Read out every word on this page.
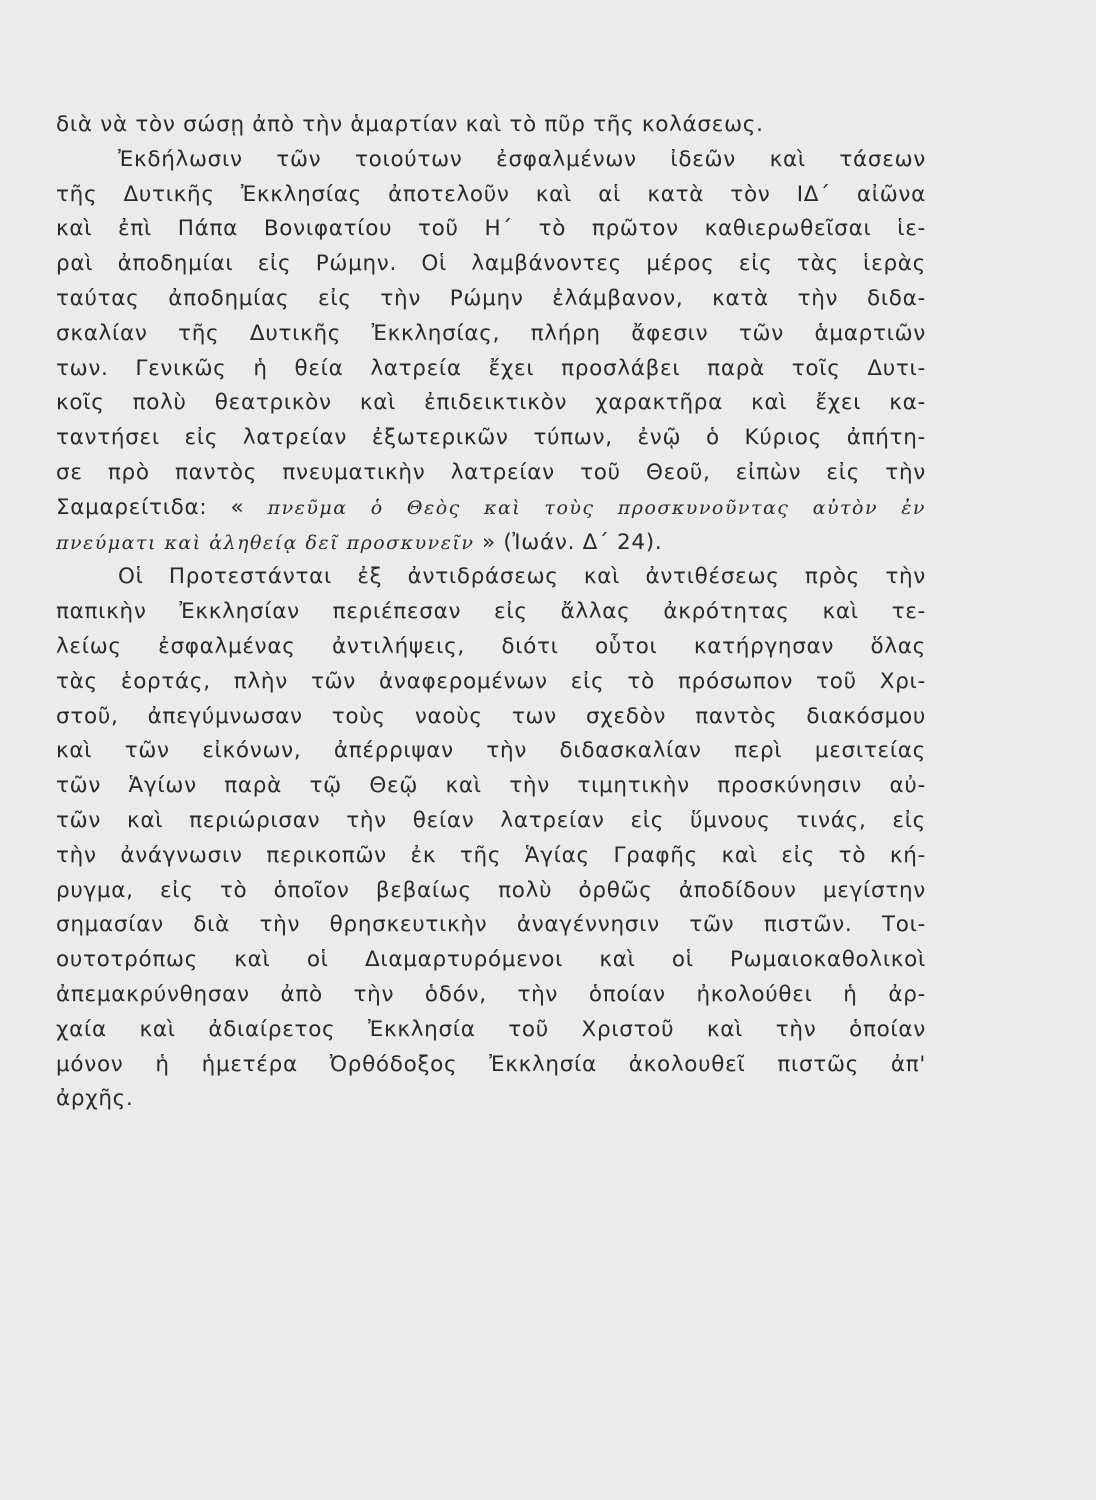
διὰ νὰ τὸν σώσῃ ἀπὸ τὴν ἁμαρτίαν καὶ τὸ πῦρ τῆς κολάσεως.
Ἐκδήλωσιν τῶν τοιούτων ἐσφαλμένων ἰδεῶν καὶ τάσεων
τῆς Δυτικῆς Ἐκκλησίας ἀποτελοῦν καὶ αἱ κατὰ τὸν ΙΔ΄ αἰῶνα
καὶ ἐπὶ Πάπα Βονιφατίου τοῦ Η΄ τὸ πρῶτον καθιερωθεῖσαι ἱε-
ραὶ ἀποδημίαι εἰς Ρώμην. Οἱ λαμβάνοντες μέρος εἰς τὰς ἱερὰς
ταύτας ἀποδημίας εἰς τὴν Ρώμην ἐλάμβανον, κατὰ τὴν διδα-
σκαλίαν τῆς Δυτικῆς Ἐκκλησίας, πλήρη ἄφεσιν τῶν ἁμαρτιῶν
των. Γενικῶς ἡ θεία λατρεία ἔχει προσλάβει παρὰ τοῖς Δυτι-
κοῖς πολὺ θεατρικὸν καὶ ἐπιδεικτικὸν χαρακτῆρα καὶ ἔχει κα-
ταντήσει εἰς λατρείαν ἐξωτερικῶν τύπων, ἐνῷ ὁ Κύριος ἀπήτη-
σε πρὸ παντὸς πνευματικὴν λατρείαν τοῦ Θεοῦ, εἰπὼν εἰς τὴν
Σαμαρείτιδα: « πνεῦμα ὁ Θεὸς καὶ τοὺς προσκυνοῦντας αὐτὸν ἐν
πνεύματι καὶ ἀληθείᾳ δεῖ προσκυνεῖν » (Ἰωάν. Δ΄ 24).
Οἱ Προτεστάνται ἐξ ἀντιδράσεως καὶ ἀντιθέσεως πρὸς τὴν
παπικὴν Ἐκκλησίαν περιέπεσαν εἰς ἄλλας ἀκρότητας καὶ τε-
λείως ἐσφαλμένας ἀντιλήψεις, διότι οὗτοι κατήργησαν ὅλας
τὰς ἑορτάς, πλὴν τῶν ἀναφερομένων εἰς τὸ πρόσωπον τοῦ Χρι-
στοῦ, ἀπεγύμνωσαν τοὺς ναοὺς των σχεδὸν παντὸς διακόσμου
καὶ τῶν εἰκόνων, ἀπέρριψαν τὴν διδασκαλίαν περὶ μεσιτείας
τῶν Ἁγίων παρὰ τῷ Θεῷ καὶ τὴν τιμητικὴν προσκύνησιν αὐ-
τῶν καὶ περιώρισαν τὴν θείαν λατρείαν εἰς ὕμνους τινάς, εἰς
τὴν ἀνάγνωσιν περικοπῶν ἐκ τῆς Ἁγίας Γραφῆς καὶ εἰς τὸ κή-
ρυγμα, εἰς τὸ ὁποῖον βεβαίως πολὺ ὀρθῶς ἀποδίδουν μεγίστην
σημασίαν διὰ τὴν θρησκευτικὴν ἀναγέννησιν τῶν πιστῶν. Τοι-
ουτοτρόπως καὶ οἱ Διαμαρτυρόμενοι καὶ οἱ Ρωμαιοκαθολικοὶ
ἀπεμακρύνθησαν ἀπὸ τὴν ὁδόν, τὴν ὁποίαν ἠκολούθει ἡ ἀρ-
χαία καὶ ἀδιαίρετος Ἐκκλησία τοῦ Χριστοῦ καὶ τὴν ὁποίαν
μόνον ἡ ἡμετέρα Ὀρθόδοξος Ἐκκλησία ἀκολουθεῖ πιστῶς ἀπ'
ἀρχῆς.
